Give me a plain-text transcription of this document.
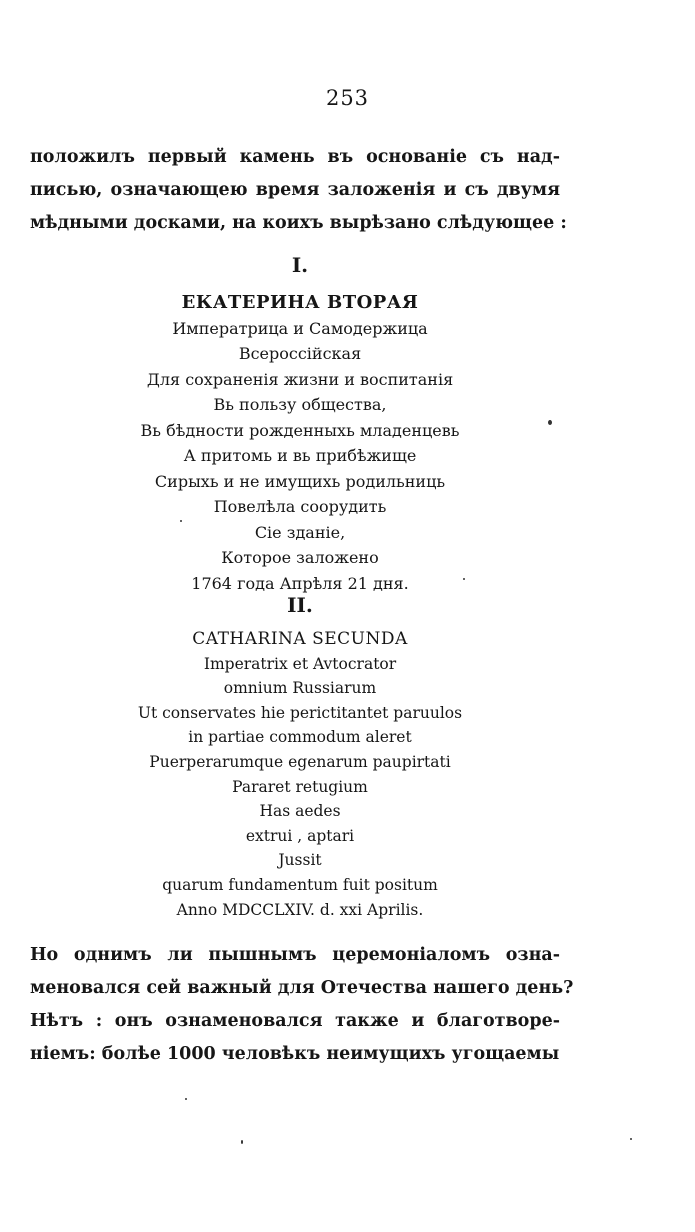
253
положилъ первый камень въ основаніе съ над-
писью, означающею время заложенія и съ двумя
мѣдными досками, на коихъ вырѣзано слѣдующее :
I.
ЕКАТЕРИНА ВТОРАЯ
Императрица и Самодержица
Всероссійская
Для сохраненія жизни и воспитанія
Вь пользу общества,
Вь бѣдности рожденныхь младенцевь
А притомь и вь прибѣжище
Сирыхь и не имущихь родильниць
Повелѣла соорудить
Сіе зданіе,
Которое заложено
1764 года Апрѣля 21 дня.
II.
CATHARINA SECUNDA
Imperatrix et Avtocrator
omnium Russiarum
Ut conservates hie perictitantet paruulos
in partiae commodum aleret
Puerperarumque egenarum paupirtati
Pararet retugium
Has aedes
extrui , aptari
Jussit
quarum fundamentum fuit positum
Anno MDCCLXIV. d. xxi Aprilis.
Но однимъ ли пышнымъ церемоніаломъ озна-
меновался сей важный для Отечества нашего день?
Нѣтъ : онъ ознаменовался также и благотворе-
ніемъ: болѣе 1000 человѣкъ неимущихъ угощаемы
